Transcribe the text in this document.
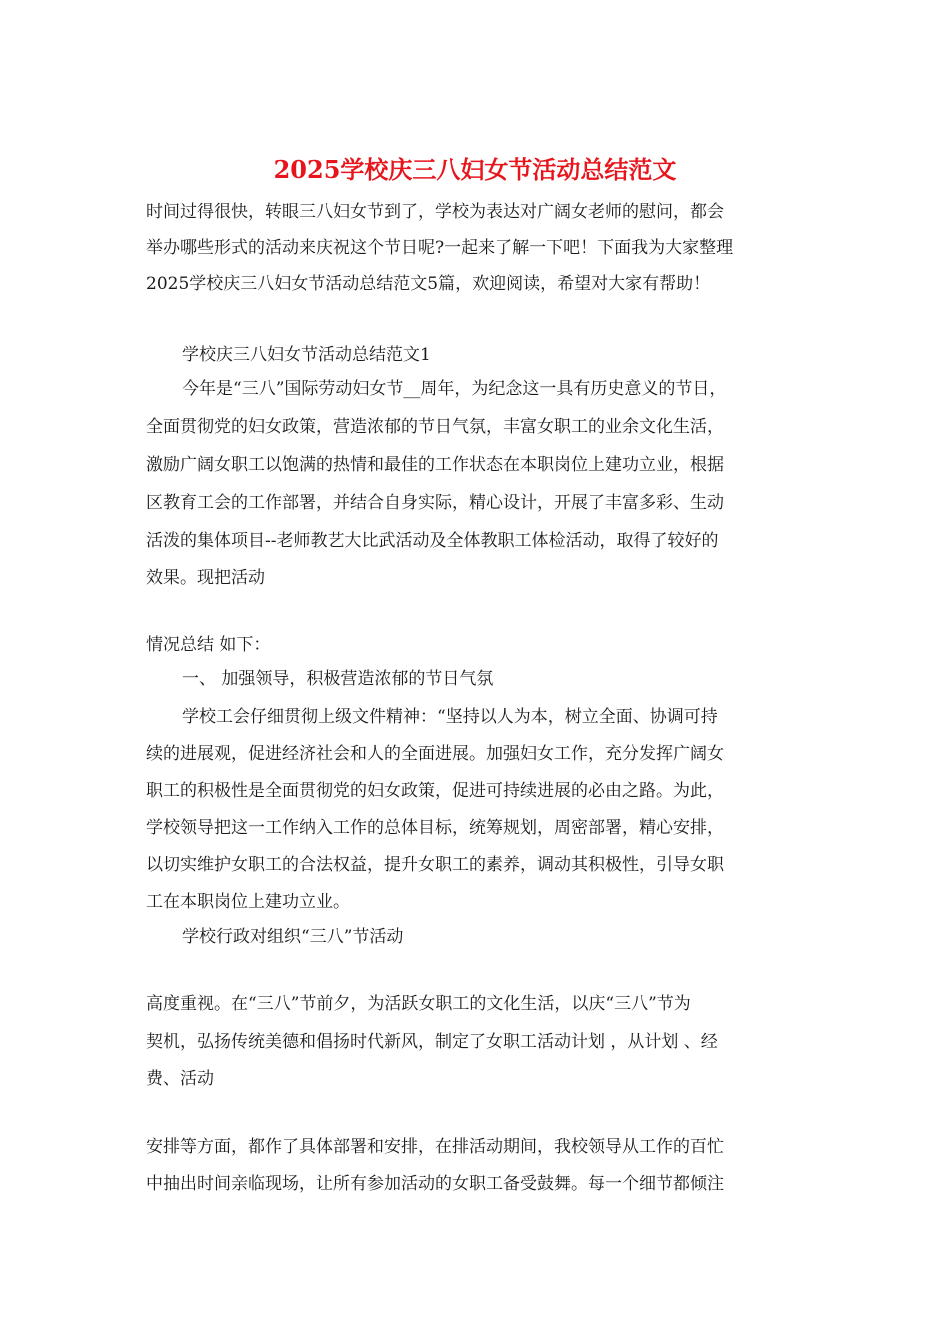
2025学校庆三八妇女节活动总结范文

时间过得很快，转眼三八妇女节到了，学校为表达对广阔女老师的慰问，都会

举办哪些形式的活动来庆祝这个节日呢?一起来了解一下吧！下面我为大家整理

2025学校庆三八妇女节活动总结范文5篇，欢迎阅读，希望对大家有帮助！

学校庆三八妇女节活动总结范文1

今年是“三八”国际劳动妇女节__周年，为纪念这一具有历史意义的节日，

全面贯彻党的妇女政策，营造浓郁的节日气氛，丰富女职工的业余文化生活，

激励广阔女职工以饱满的热情和最佳的工作状态在本职岗位上建功立业，根据

区教育工会的工作部署，并结合自身实际，精心设计，开展了丰富多彩、生动

活泼的集体项目--老师教艺大比武活动及全体教职工体检活动，取得了较好的

效果。现把活动

情况总结 如下：

一、 加强领导，积极营造浓郁的节日气氛

学校工会仔细贯彻上级文件精神：“坚持以人为本，树立全面、协调可持

续的进展观，促进经济社会和人的全面进展。加强妇女工作，充分发挥广阔女

职工的积极性是全面贯彻党的妇女政策，促进可持续进展的必由之路。为此，

学校领导把这一工作纳入工作的总体目标，统筹规划，周密部署，精心安排，

以切实维护女职工的合法权益，提升女职工的素养，调动其积极性，引导女职

工在本职岗位上建功立业。

学校行政对组织“三八”节活动

高度重视。在“三八”节前夕，为活跃女职工的文化生活，以庆“三八”节为

契机，弘扬传统美德和倡扬时代新风，制定了女职工活动计划 ，从计划 、经

费、活动

安排等方面，都作了具体部署和安排，在排活动期间，我校领导从工作的百忙

中抽出时间亲临现场，让所有参加活动的女职工备受鼓舞。每一个细节都倾注
